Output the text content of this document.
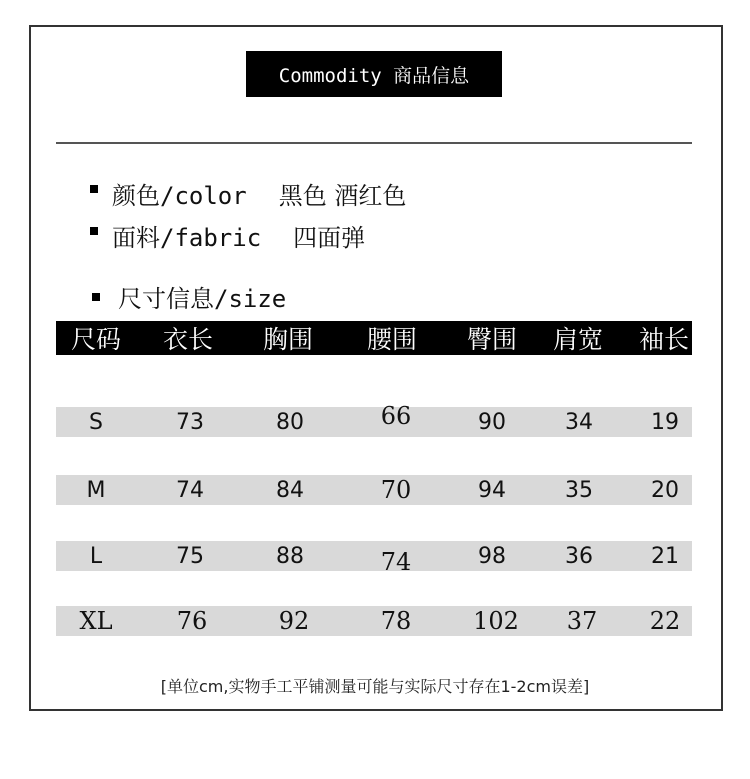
Commodity 商品信息
颜色/color 黑色 酒红色
面料/fabric 四面弹
尺寸信息/size
尺码 衣长 胸围 腰围 臀围 肩宽 袖长
S	73	80	66	90	34	19
M	74	84	70	94	35	20
L	75	88	74	98	36	21
XL	76	92	78	102 37 22
[单位cm,实物手工平铺测量可能与实际尺寸存在1-2cm误差]
